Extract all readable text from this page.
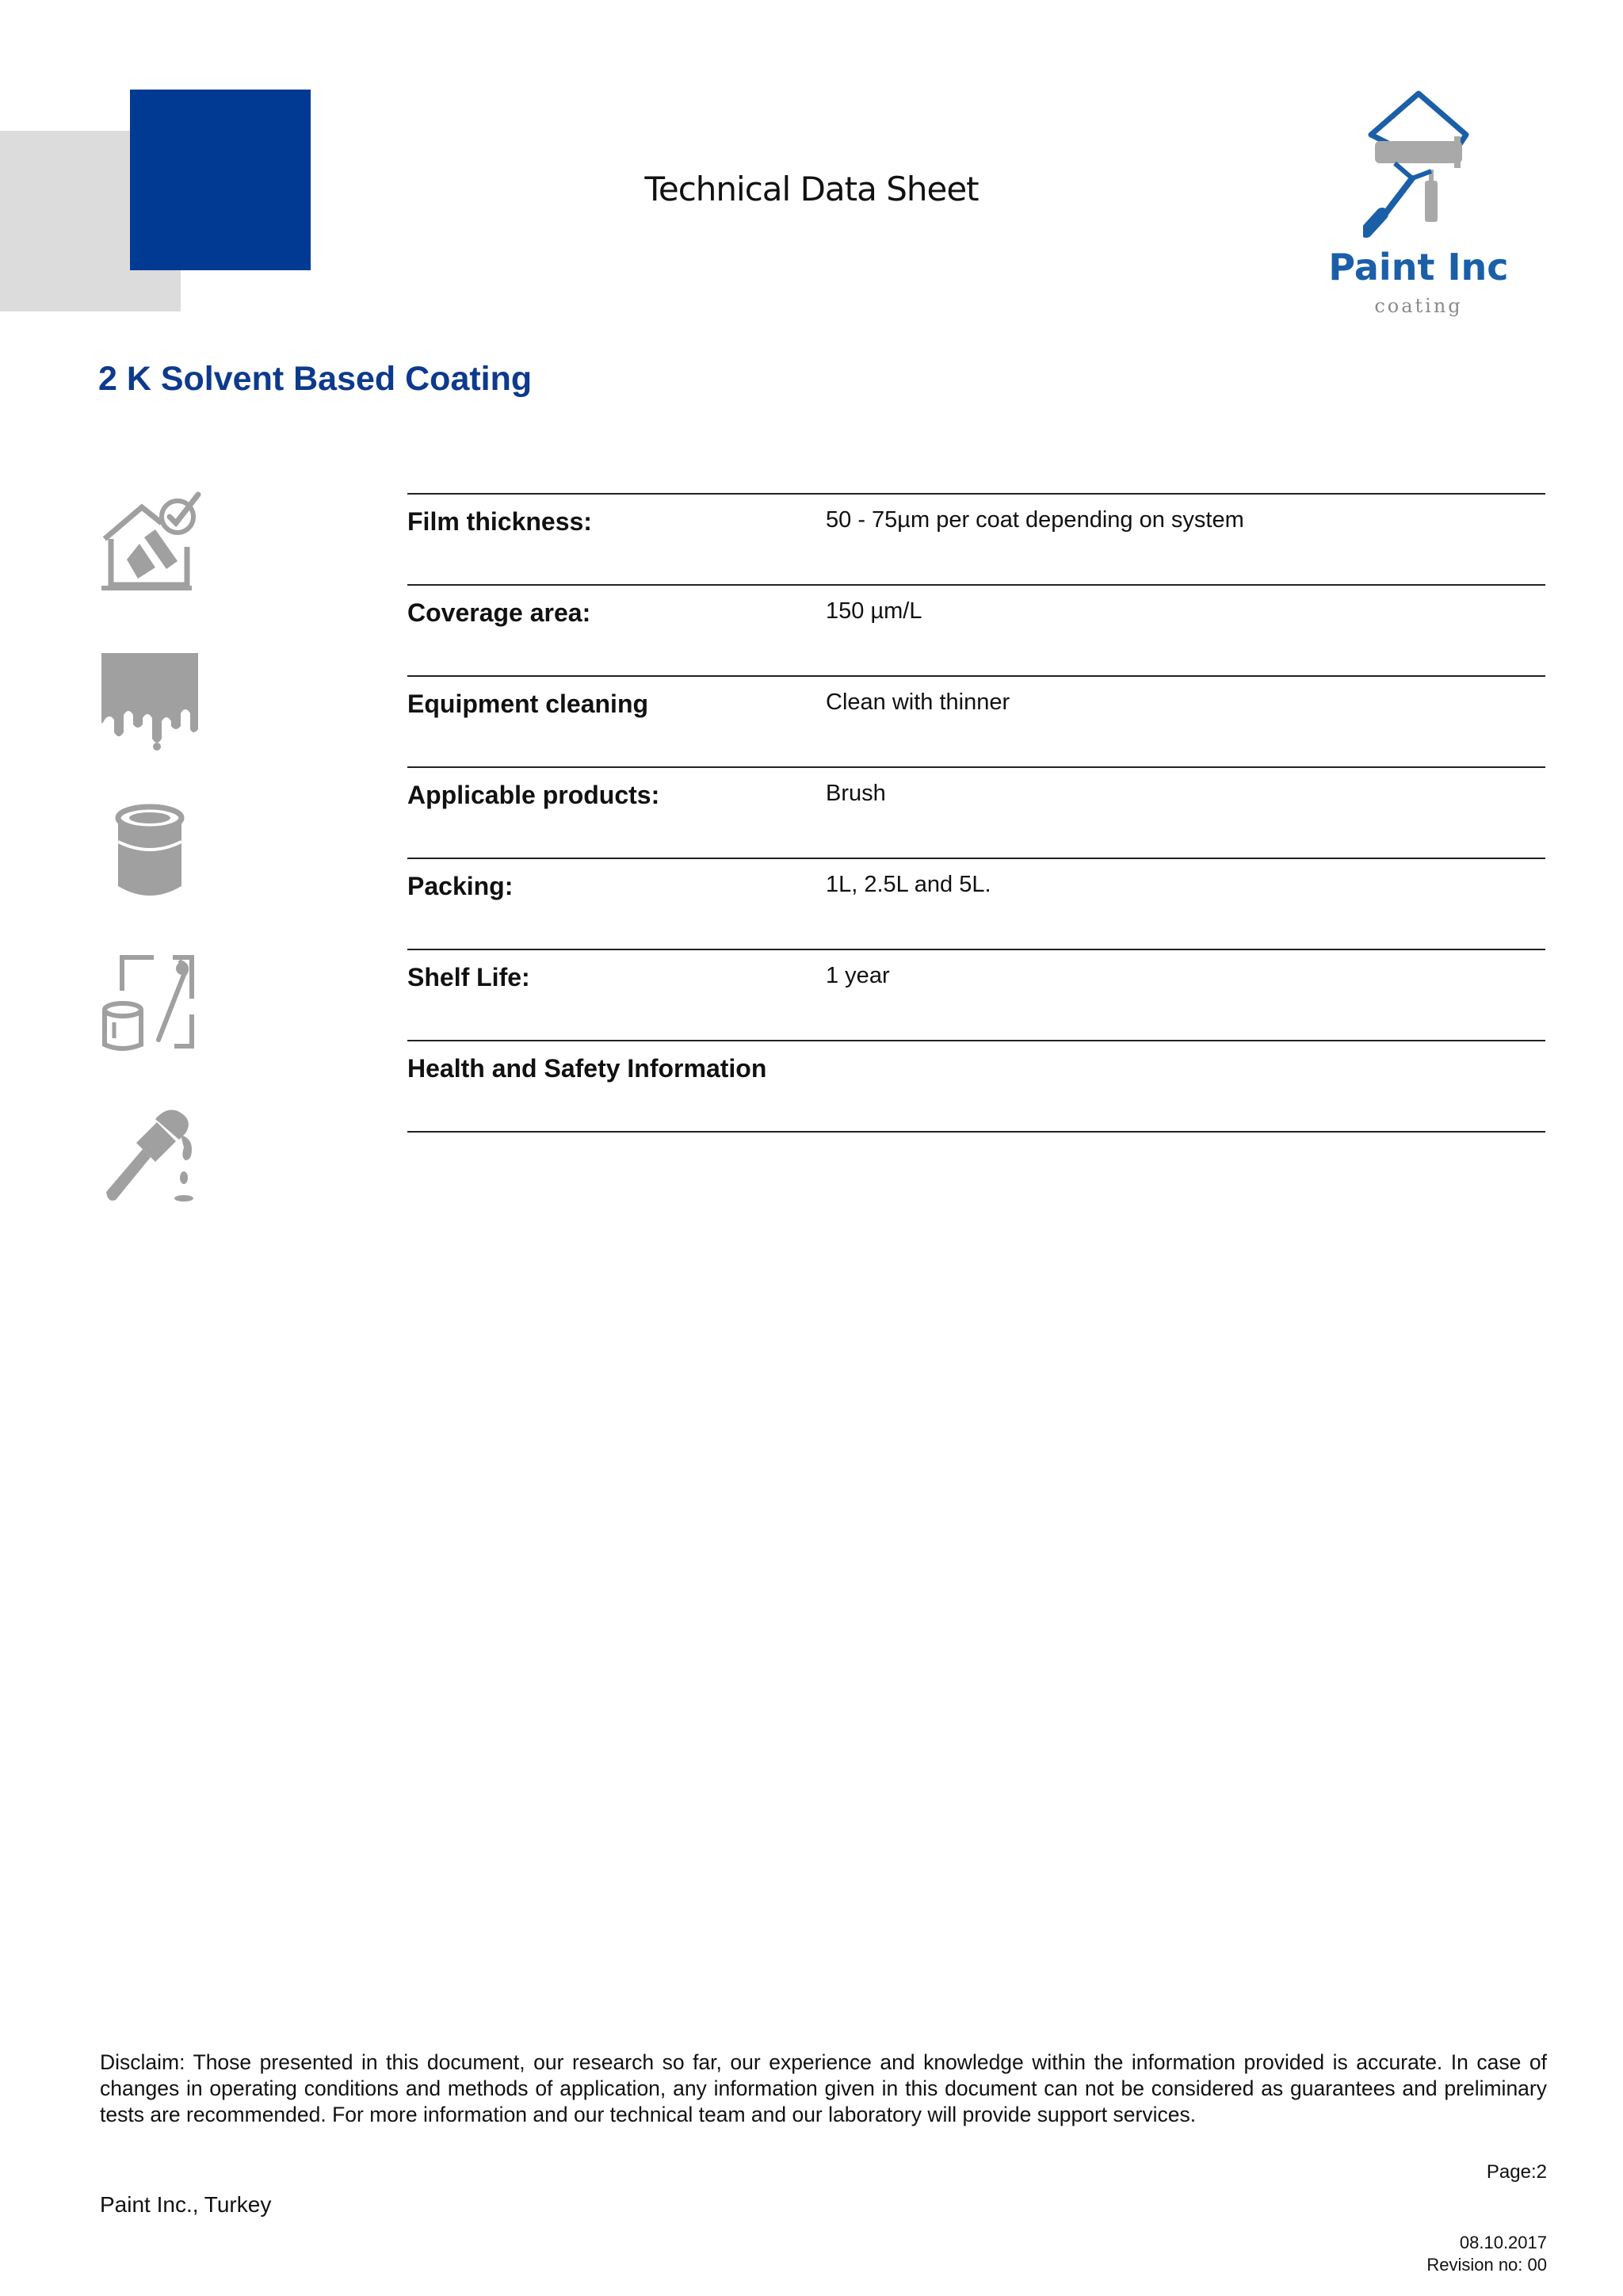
Technical Data Sheet
Paint Inc
coating
2 K Solvent Based Coating
Film thickness:	50 - 75µm per coat depending on system
Coverage area:	150 µm/L
Equipment cleaning	Clean with thinner
Applicable products:	Brush
Packing:	1L, 2.5L and 5L.
Shelf Life:	1 year
Health and Safety Information
Disclaim: Those presented in this document, our research so far, our experience and knowledge within the information provided is accurate. In case of changes in operating conditions and methods of application, any information given in this document can not be considered as guarantees and preliminary tests are recommended. For more information and our technical team and our laboratory will provide support services.
Page:2
Paint Inc., Turkey
08.10.2017
Revision no: 00
